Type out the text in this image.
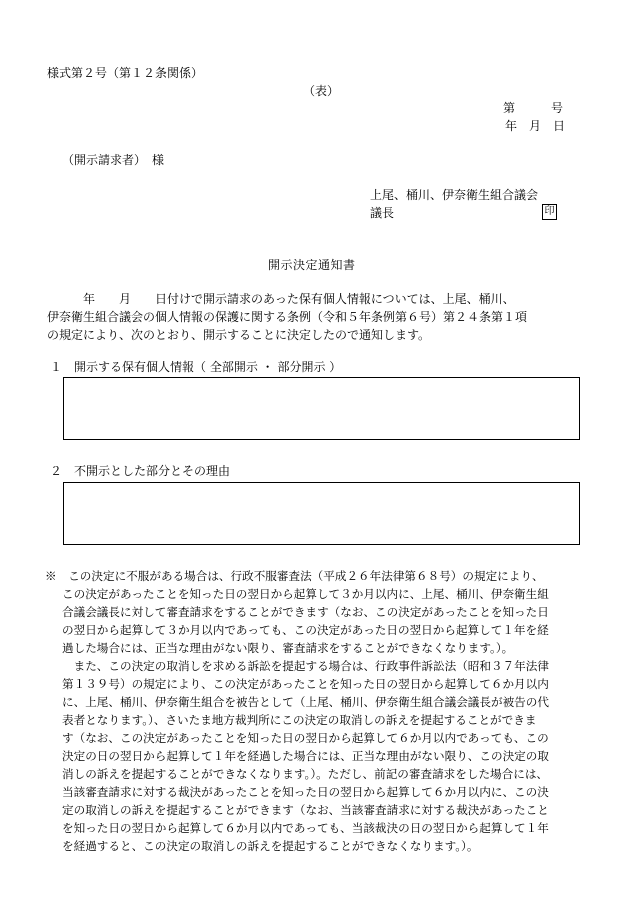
様式第２号（第１２条関係）
（表）
第　　　号
年　月　日
（開示請求者）　様
上尾、桶川、伊奈衛生組合議会
議長	印
開示決定通知書
　　　年　　月　　日付けで開示請求のあった保有個人情報については、上尾、桶川、
伊奈衛生組合議会の個人情報の保護に関する条例（令和５年条例第６号）第２４条第１項
の規定により、次のとおり、開示することに決定したので通知します。
１　開示する保有個人情報（ 全部開示 ・ 部分開示 ）
２　不開示とした部分とその理由
※　この決定に不服がある場合は、行政不服審査法（平成２６年法律第６８号）の規定により、
この決定があったことを知った日の翌日から起算して３か月以内に、上尾、桶川、伊奈衛生組
合議会議長に対して審査請求をすることができます（なお、この決定があったことを知った日
の翌日から起算して３か月以内であっても、この決定があった日の翌日から起算して１年を経
過した場合には、正当な理由がない限り、審査請求をすることができなくなります。）。
　また、この決定の取消しを求める訴訟を提起する場合は、行政事件訴訟法（昭和３７年法律
第１３９号）の規定により、この決定があったことを知った日の翌日から起算して６か月以内
に、上尾、桶川、伊奈衛生組合を被告として（上尾、桶川、伊奈衛生組合議会議長が被告の代
表者となります。）、さいたま地方裁判所にこの決定の取消しの訴えを提起することができま
す（なお、この決定があったことを知った日の翌日から起算して６か月以内であっても、この
決定の日の翌日から起算して１年を経過した場合には、正当な理由がない限り、この決定の取
消しの訴えを提起することができなくなります。）。ただし、前記の審査請求をした場合には、
当該審査請求に対する裁決があったことを知った日の翌日から起算して６か月以内に、この決
定の取消しの訴えを提起することができます（なお、当該審査請求に対する裁決があったこと
を知った日の翌日から起算して６か月以内であっても、当該裁決の日の翌日から起算して１年
を経過すると、この決定の取消しの訴えを提起することができなくなります。）。
